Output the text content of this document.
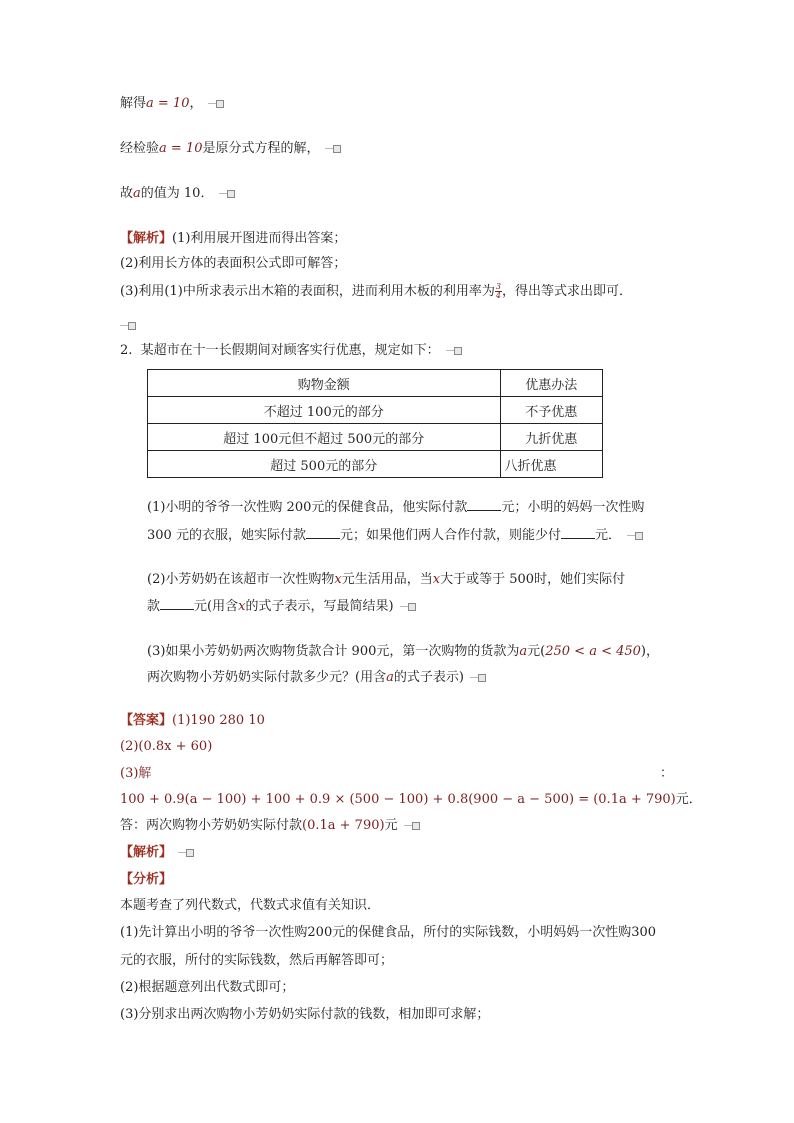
解得a = 10，
经检验a = 10是原分式方程的解，
故a的值为 10．
【解析】(1)利用展开图进而得出答案；
(2)利用长方体的表面积公式即可解答；
(3)利用(1)中所求表示出木箱的表面积，进而利用木板的利用率为 $\frac{3}{4}$ ，得出等式求出即可．
2. 某超市在十一长假期间对顾客实行优惠，规定如下：
购物金额	优惠办法
不超过 100元的部分	不予优惠
超过 100元但不超过 500元的部分	九折优惠
超过 500元的部分	八折优惠
(1)小明的爷爷一次性购 200元的保健食品，他实际付款	元；小明的妈妈一次性购
300 元的衣服，她实际付款	元；如果他们两人合作付款，则能少付	元．
(2)小芳奶奶在该超市一次性购物x元生活用品，当x大于或等于 500时，她们实际付
款	元(用含x的式子表示，写最简结果)
(3)如果小芳奶奶两次购物货款合计 900元，第一次购物的货款为a元(250 < a < 450)，
两次购物小芳奶奶实际付款多少元？(用含a的式子表示)
【答案】(1)190 280 10
(2)(0.8x + 60)
(3)解	：
100 + 0.9(a − 100) + 100 + 0.9 × (500 − 100) + 0.8(900 − a − 500) = (0.1a + 790)元．
答：两次购物小芳奶奶实际付款(0.1a + 790)元
【解析】
【分析】
本题考查了列代数式，代数式求值有关知识．
(1)先计算出小明的爷爷一次性购200元的保健食品，所付的实际钱数，小明妈妈一次性购300
元的衣服，所付的实际钱数，然后再解答即可；
(2)根据题意列出代数式即可；
(3)分别求出两次购物小芳奶奶实际付款的钱数，相加即可求解；
